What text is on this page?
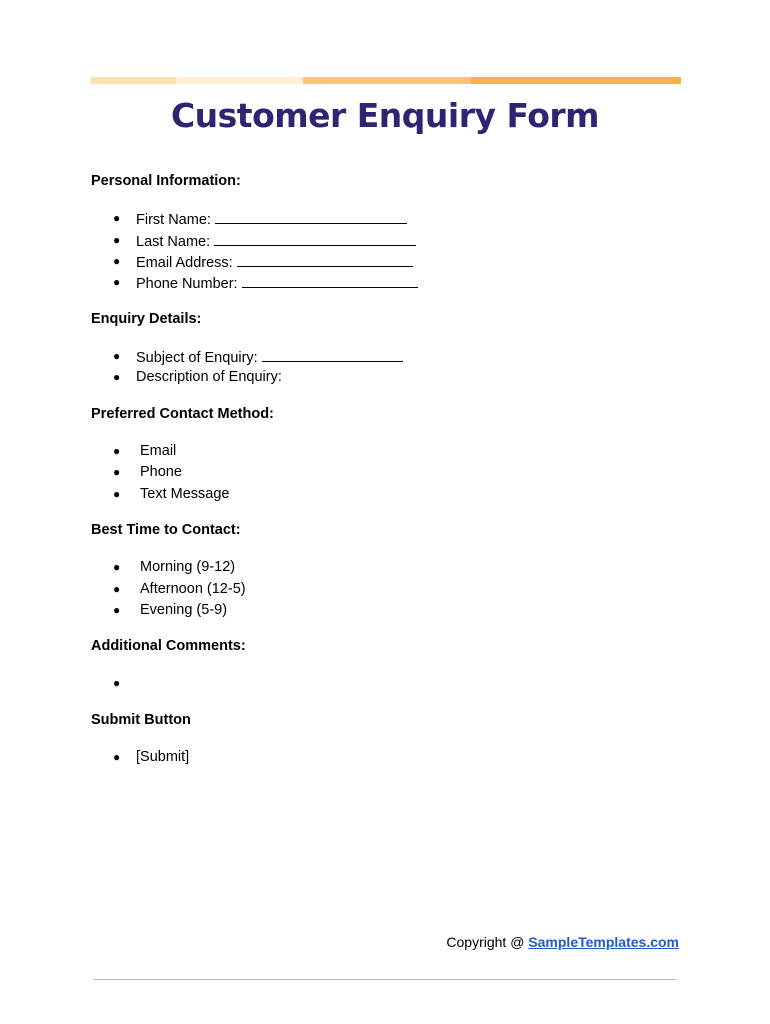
Customer Enquiry Form
Personal Information:
● First Name:
● Last Name:
● Email Address:
● Phone Number:
Enquiry Details:
● Subject of Enquiry:
● Description of Enquiry:
Preferred Contact Method:
● Email
● Phone
● Text Message
Best Time to Contact:
● Morning (9-12)
● Afternoon (12-5)
● Evening (5-9)
Additional Comments:
●
Submit Button
● [Submit]
Copyright @ SampleTemplates.com
